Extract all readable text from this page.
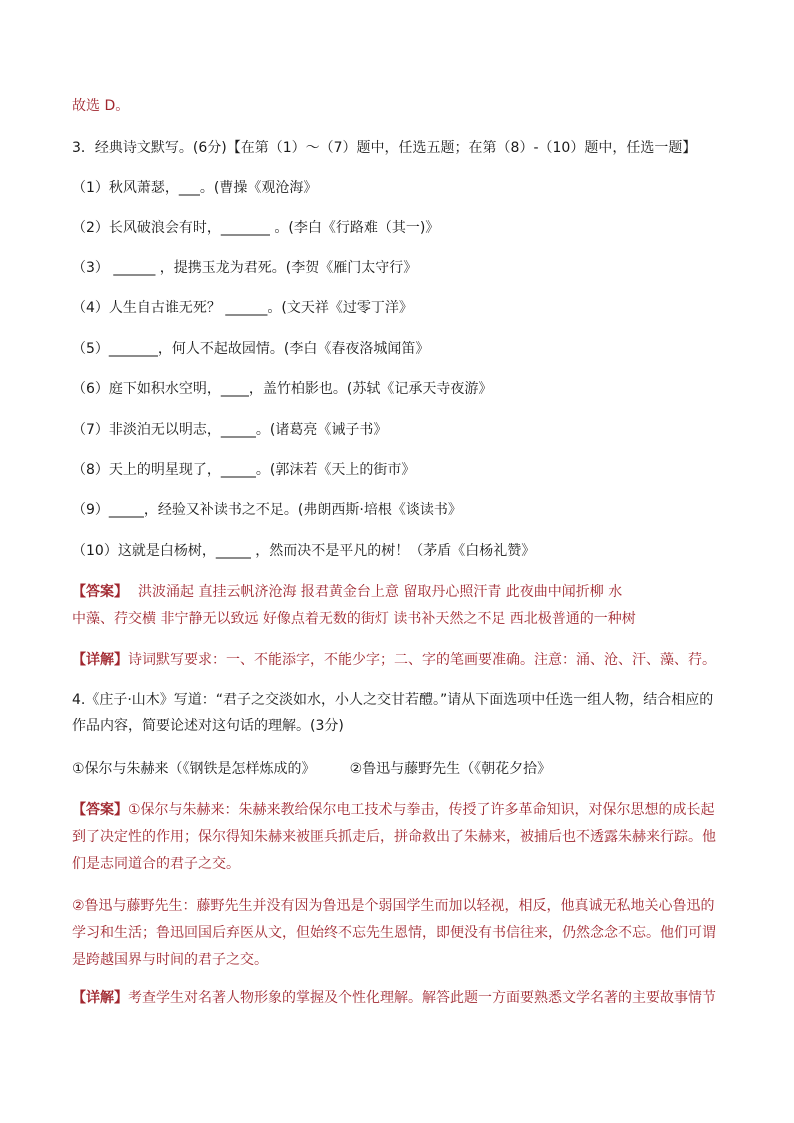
故选 D。
3．经典诗文默写。(6分)【在第（1）～（7）题中，任选五题；在第（8）-（10）题中，任选一题】
（1）秋风萧瑟，___。(曹操《观沧海》
（2）长风破浪会有时，_______ 。(李白《行路难（其一)》
（3） ______ ，提携玉龙为君死。(李贺《雁门太守行》
（4）人生自古谁无死？ ______。(文天祥《过零丁洋》
（5）_______，何人不起故园情。(李白《春夜洛城闻笛》
（6）庭下如积水空明，____，盖竹柏影也。(苏轼《记承天寺夜游》
（7）非淡泊无以明志，_____。(诸葛亮《诫子书》
（8）天上的明星现了，_____。(郭沫若《天上的街市》
（9）_____，经验又补读书之不足。(弗朗西斯·培根《谈读书》
（10）这就是白杨树，_____ ，然而决不是平凡的树！（茅盾《白杨礼赞》
【答案】 洪波涌起 直挂云帆济沧海 报君黄金台上意 留取丹心照汗青 此夜曲中闻折柳 水
中藻、荇交横 非宁静无以致远 好像点着无数的街灯 读书补天然之不足 西北极普通的一种树
【详解】诗词默写要求：一、不能添字，不能少字；二、字的笔画要准确。注意：涌、沧、汗、藻、荇。
4.《庄子·山木》写道：“君子之交淡如水，小人之交甘若醴。”请从下面选项中任选一组人物，结合相应的
作品内容，简要论述对这句话的理解。(3分)
①保尔与朱赫来（《钢铁是怎样炼成的》 ②鲁迅与藤野先生（《朝花夕拾》
【答案】①保尔与朱赫来：朱赫来教给保尔电工技术与拳击，传授了许多革命知识，对保尔思想的成长起到了决定性的作用；保尔得知朱赫来被匪兵抓走后，拼命救出了朱赫来，被捕后也不透露朱赫来行踪。他们是志同道合的君子之交。
②鲁迅与藤野先生：藤野先生并没有因为鲁迅是个弱国学生而加以轻视，相反，他真诚无私地关心鲁迅的学习和生活；鲁迅回国后弃医从文，但始终不忘先生恩情，即便没有书信往来，仍然念念不忘。他们可谓是跨越国界与时间的君子之交。
【详解】考查学生对名著人物形象的掌握及个性化理解。解答此题一方面要熟悉文学名著的主要故事情节
